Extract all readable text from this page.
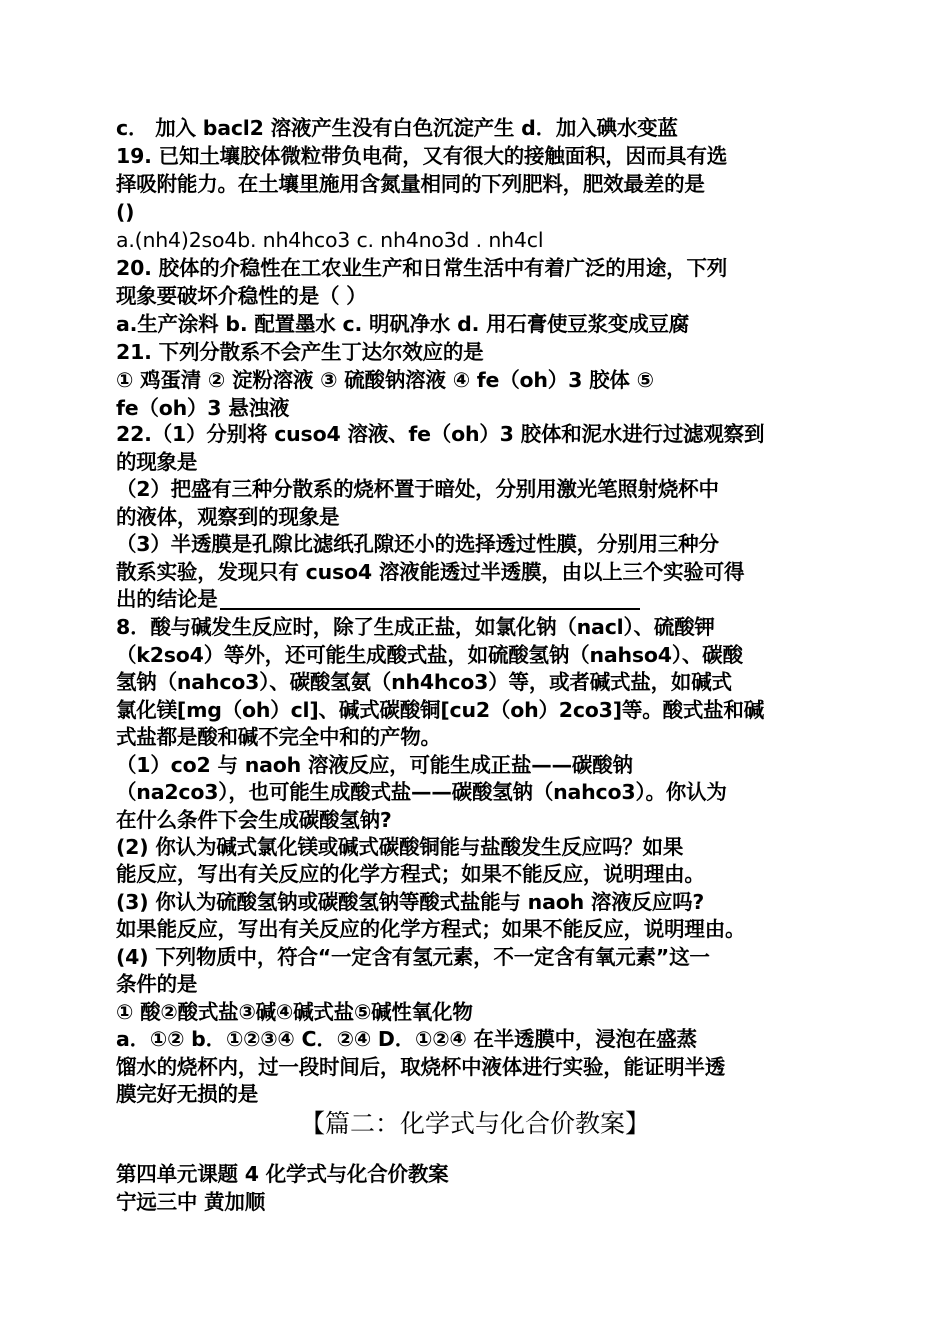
c． 加入 bacl2 溶液产生没有白色沉淀产生 d．加入碘水变蓝
19. 已知土壤胶体微粒带负电荷，又有很大的接触面积，因而具有选
择吸附能力。在土壤里施用含氮量相同的下列肥料，肥效最差的是
()
a.(nh4)2so4b. nh4hco3 c. nh4no3d . nh4cl
20. 胶体的介稳性在工农业生产和日常生活中有着广泛的用途，下列
现象要破坏介稳性的是（ ）
a.生产涂料 b. 配置墨水 c. 明矾净水 d. 用石膏使豆浆变成豆腐
21. 下列分散系不会产生丁达尔效应的是
① 鸡蛋清 ② 淀粉溶液 ③ 硫酸钠溶液 ④ fe（oh）3 胶体 ⑤
fe（oh）3 悬浊液
22.（1）分别将 cuso4 溶液、fe（oh）3 胶体和泥水进行过滤观察到
的现象是
（2）把盛有三种分散系的烧杯置于暗处，分别用激光笔照射烧杯中
的液体，观察到的现象是
（3）半透膜是孔隙比滤纸孔隙还小的选择透过性膜，分别用三种分
散系实验，发现只有 cuso4 溶液能透过半透膜，由以上三个实验可得
出的结论是
8．酸与碱发生反应时，除了生成正盐，如氯化钠（nacl）、硫酸钾
（k2so4）等外，还可能生成酸式盐，如硫酸氢钠（nahso4）、碳酸
氢钠（nahco3）、碳酸氢氨（nh4hco3）等，或者碱式盐，如碱式
氯化镁[mg（oh）cl]、碱式碳酸铜[cu2（oh）2co3]等。酸式盐和碱
式盐都是酸和碱不完全中和的产物。
（1）co2 与 naoh 溶液反应，可能生成正盐——碳酸钠
（na2co3），也可能生成酸式盐——碳酸氢钠（nahco3）。你认为
在什么条件下会生成碳酸氢钠?
(2) 你认为碱式氯化镁或碱式碳酸铜能与盐酸发生反应吗？如果
能反应，写出有关反应的化学方程式；如果不能反应，说明理由。
(3) 你认为硫酸氢钠或碳酸氢钠等酸式盐能与 naoh 溶液反应吗?
如果能反应，写出有关反应的化学方程式；如果不能反应，说明理由。
(4) 下列物质中，符合“一定含有氢元素，不一定含有氧元素”这一
条件的是
① 酸②酸式盐③碱④碱式盐⑤碱性氧化物
a．①② b．①②③④ C．②④ D．①②④ 在半透膜中，浸泡在盛蒸
馏水的烧杯内，过一段时间后，取烧杯中液体进行实验，能证明半透
膜完好无损的是
【篇二：化学式与化合价教案】
第四单元课题 4 化学式与化合价教案
宁远三中 黄加顺
